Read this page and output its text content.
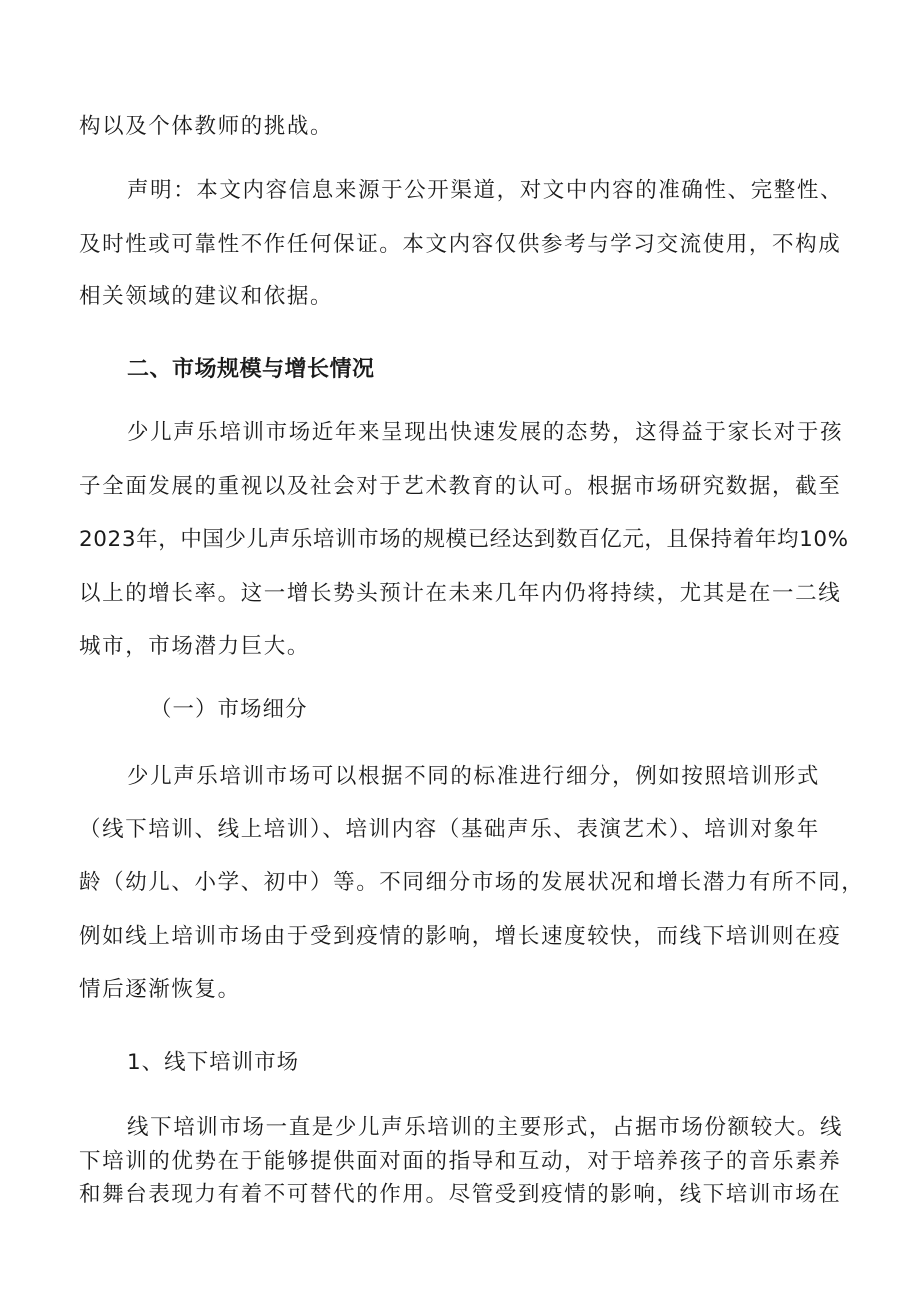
构以及个体教师的挑战。
声明：本文内容信息来源于公开渠道，对文中内容的准确性、完整性、
及时性或可靠性不作任何保证。本文内容仅供参考与学习交流使用，不构成
相关领域的建议和依据。
二、市场规模与增长情况
少儿声乐培训市场近年来呈现出快速发展的态势，这得益于家长对于孩
子全面发展的重视以及社会对于艺术教育的认可。根据市场研究数据，截至
2023年，中国少儿声乐培训市场的规模已经达到数百亿元，且保持着年均10%
以上的增长率。这一增长势头预计在未来几年内仍将持续，尤其是在一二线
城市，市场潜力巨大。
（一）市场细分
少儿声乐培训市场可以根据不同的标准进行细分，例如按照培训形式
（线下培训、线上培训）、培训内容（基础声乐、表演艺术）、培训对象年
龄（幼儿、小学、初中）等。不同细分市场的发展状况和增长潜力有所不同，
例如线上培训市场由于受到疫情的影响，增长速度较快，而线下培训则在疫
情后逐渐恢复。
1、线下培训市场
线下培训市场一直是少儿声乐培训的主要形式，占据市场份额较大。线
下培训的优势在于能够提供面对面的指导和互动，对于培养孩子的音乐素养
和舞台表现力有着不可替代的作用。尽管受到疫情的影响，线下培训市场在
